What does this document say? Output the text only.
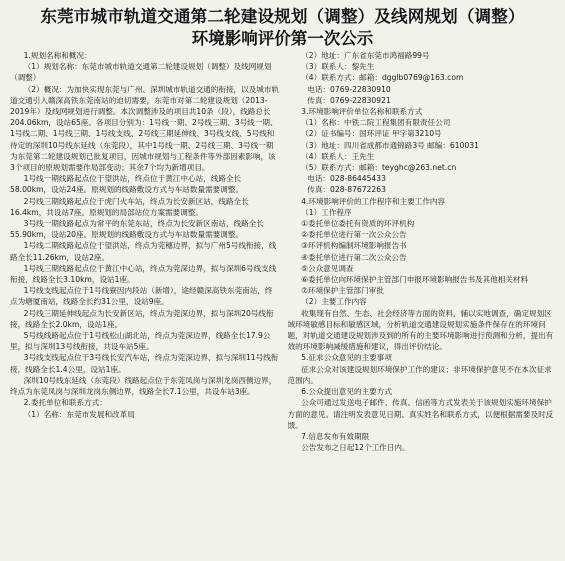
东莞市城市轨道交通第二轮建设规划（调整）及线网规划（调整）
环境影响评价第一次公示

1.规划名称和概况：

（1）规划名称：东莞市城市轨道交通第二轮建设规划（调整）及线网规划（调整）

（2）概况：为加快实现东莞与广州、深圳城市轨道交通的衔接，以及城市轨道交通引入赣深高铁东莞南站的迫切需要，东莞市对第二轮建设规划（2013-2019年）及线网规划进行调整。本次调整涉及的项目共10条（段），线路总长204.06km，设站65座。各项目分别为：1号线一期、2号线三期、3号线一期、1号线二期、1号线三期、1号线支线、2号线三期延伸线、3号线支线、5号线和待定的深圳10号线东延线（东莞段），其中1号线一期、2号线三期、3号线一期为东莞第二轮建设规划已批复项目，因城市规划与工程条件等外部因素影响，该3个项目的原规划需要作局部变动；其余7个均为新增项目。

1号线一期线路起点位于望洪站，终点位于黄江中心站，线路全长58.00km，设站24座。原规划的线路敷设方式与车站数量需要调整。

2号线三期线路起点位于虎门火车站，终点为长安新区站，线路全长16.4km，共设站7座。原规划的局部站位方案需要调整。

3号线一期线路起点为常平的东莞东站，终点为长安新区南站，线路全长55.90km，设站20座。原规划的线路敷设方式与车站数量需要调整。

1号线二期线路起点位于望洪站，终点为莞穗边界，拟与广州5号线衔接，线路全长11.26km，设站2座。

1号线三期线路起点位于黄江中心站，终点为莞深边界，拟与深圳6号线支线衔接，线路全长3.10km，设站1座。

1号线支线起点位于1号线寮因内段站（新增），途经赣深高铁东莞南站，终点为塘厦南站，线路全长约31公里，设站9座。

2号线三期延伸线起点为长安新区站，终点为莞深边界，拟与深圳20号线衔接，线路全长2.0km，设站1座。

5号线线路起点位于1号线松山湖北站，终点为莞深边界，线路全长17.9公里，拟与深圳13号线衔接，共设车站5座。

3号线支线起点位于3号线长安汽车站，终点为莞深边界，拟与深圳11号线衔接，线路全长1.4公里，设站1座。

深圳10号线东延线（东莞段）线路起点位于东莞凤岗与深圳龙岗西侧边界，终点为东莞凤岗与深圳龙岗东侧边界，线路全长7.1公里，共设车站3座。

2.委托单位和联系方式：

（1）名称：东莞市发展和改革局

（2）地址：广东省东莞市鸿福路99号

（3）联系人：黎先生

（4）联系方式：邮箱：dgglb0769@163.com

电话：0769-22830910

传真：0769-22830921

3.环境影响评价单位名称和联系方式

（1）名称：中铁二院工程集团有限责任公司

（2）证书编号：国环评证 甲字第3210号

（3）地址：四川省成都市通锦路3号 邮编：610031

（4）联系人：王先生

（5）联系方式：邮箱：teyghc@263.net.cn

电话：028-86445433

传真：028-87672263

4.环境影响评价的工作程序和主要工作内容

（1）工作程序

①委托单位委托有资质的环评机构

②委托单位进行第一次公众公告

③环评机构编制环境影响报告书

④委托单位进行第二次公众公告

⑤公众意见调查

⑥委托单位向环境保护主管部门申报环境影响报告书及其他相关材料

⑦环境保护主管部门审批

（2）主要工作内容

收集现有自然、生态、社会经济等方面的资料，辅以实地调查，确定规划区域环境敏感目标和敏感区域，分析轨道交通建设规划实施条件保存在的环境问题，对轨道交通建设规划涉及到的所有的主要环境影响进行预测和分析，提出有效的环境影响减缓措施和建议，得出评价结论。

5.征求公众意见的主要事项

征求公众对该建设规划环境保护工作的建议；非环境保护意见不在本次征求范围内。

6.公众提出意见的主要方式

公众可通过发送电子邮件、传真、信函等方式发表关于该规划实施环境保护方面的意见。请注明发表意见日期、真实姓名和联系方式，以便根据需要及时反馈。

7.信息发布有效期限

公告发布之日起12个工作日内。
